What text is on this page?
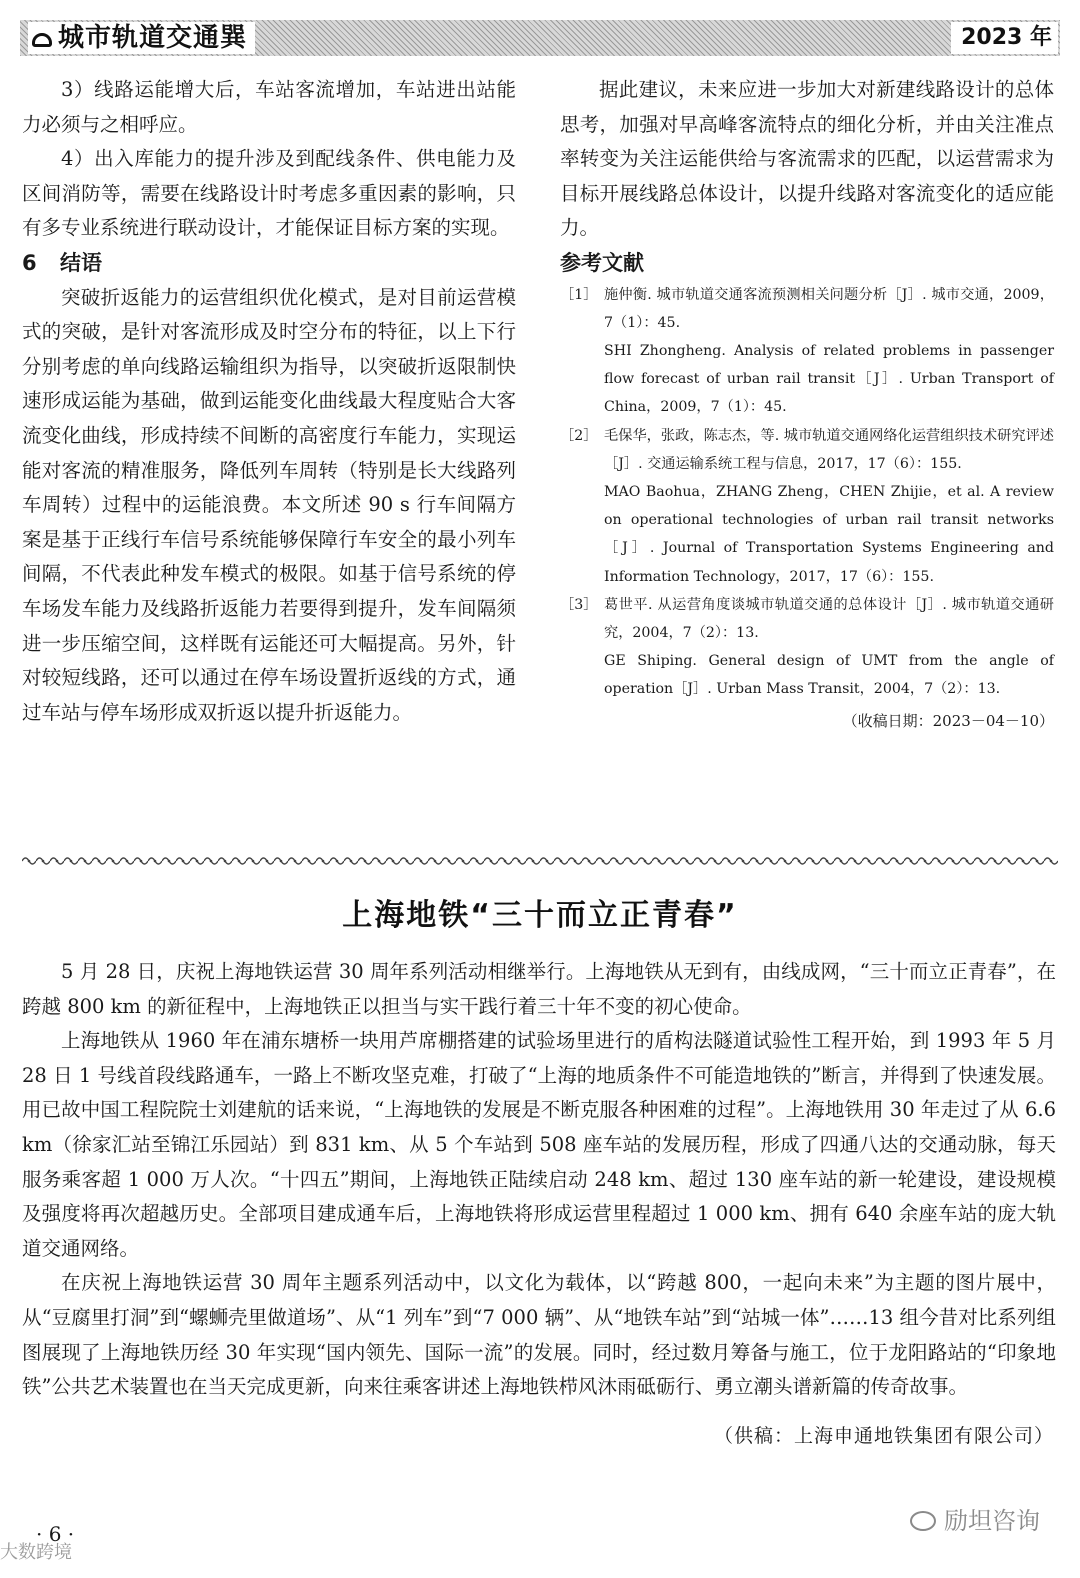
城市轨道交通巽	2023 年

3）线路运能增大后，车站客流增加，车站进出站能力必须与之相呼应。

4）出入库能力的提升涉及到配线条件、供电能力及区间消防等，需要在线路设计时考虑多重因素的影响，只有多专业系统进行联动设计，才能保证目标方案的实现。

6 结语

突破折返能力的运营组织优化模式，是对目前运营模式的突破，是针对客流形成及时空分布的特征，以上下行分别考虑的单向线路运输组织为指导，以突破折返限制快速形成运能为基础，做到运能变化曲线最大程度贴合大客流变化曲线，形成持续不间断的高密度行车能力，实现运能对客流的精准服务，降低列车周转（特别是长大线路列车周转）过程中的运能浪费。本文所述 90 s 行车间隔方案是基于正线行车信号系统能够保障行车安全的最小列车间隔，不代表此种发车模式的极限。如基于信号系统的停车场发车能力及线路折返能力若要得到提升，发车间隔须进一步压缩空间，这样既有运能还可大幅提高。另外，针对较短线路，还可以通过在停车场设置折返线的方式，通过车站与停车场形成双折返以提升折返能力。

据此建议，未来应进一步加大对新建线路设计的总体思考，加强对早高峰客流特点的细化分析，并由关注准点率转变为关注运能供给与客流需求的匹配，以运营需求为目标开展线路总体设计，以提升线路对客流变化的适应能力。

参考文献

［1］ 施仲衡. 城市轨道交通客流预测相关问题分析［J］. 城市交通，2009，7（1）：45.
SHI Zhongheng. Analysis of related problems in passenger flow forecast of urban rail transit［J］. Urban Transport of China，2009，7（1）：45.
［2］ 毛保华，张政，陈志杰，等. 城市轨道交通网络化运营组织技术研究评述［J］. 交通运输系统工程与信息，2017，17（6）：155.
MAO Baohua，ZHANG Zheng，CHEN Zhijie，et al. A review on operational technologies of urban rail transit networks［J］. Journal of Transportation Systems Engineering and Information Technology，2017，17（6）：155.
［3］ 葛世平. 从运营角度谈城市轨道交通的总体设计［J］. 城市轨道交通研究，2004，7（2）：13.
GE Shiping. General design of UMT from the angle of operation［J］. Urban Mass Transit，2004，7（2）：13.
（收稿日期：2023－04－10）
上海地铁“三十而立正青春”

5 月 28 日，庆祝上海地铁运营 30 周年系列活动相继举行。上海地铁从无到有，由线成网，“三十而立正青春”，在跨越 800 km 的新征程中，上海地铁正以担当与实干践行着三十年不变的初心使命。

上海地铁从 1960 年在浦东塘桥一块用芦席棚搭建的试验场里进行的盾构法隧道试验性工程开始，到 1993 年 5 月 28 日 1 号线首段线路通车，一路上不断攻坚克难，打破了“上海的地质条件不可能造地铁的”断言，并得到了快速发展。用已故中国工程院院士刘建航的话来说，“上海地铁的发展是不断克服各种困难的过程”。上海地铁用 30 年走过了从 6.6 km（徐家汇站至锦江乐园站）到 831 km、从 5 个车站到 508 座车站的发展历程，形成了四通八达的交通动脉，每天服务乘客超 1 000 万人次。“十四五”期间，上海地铁正陆续启动 248 km、超过 130 座车站的新一轮建设，建设规模及强度将再次超越历史。全部项目建成通车后，上海地铁将形成运营里程超过 1 000 km、拥有 640 余座车站的庞大轨道交通网络。

在庆祝上海地铁运营 30 周年主题系列活动中，以文化为载体，以“跨越 800，一起向未来”为主题的图片展中，从“豆腐里打洞”到“螺蛳壳里做道场”、从“1 列车”到“7 000 辆”、从“地铁车站”到“站城一体”……13 组今昔对比系列组图展现了上海地铁历经 30 年实现“国内领先、国际一流”的发展。同时，经过数月筹备与施工，位于龙阳路站的“印象地铁”公共艺术装置也在当天完成更新，向来往乘客讲述上海地铁栉风沐雨砥砺行、勇立潮头谱新篇的传奇故事。

（供稿：上海申通地铁集团有限公司）
· 6 ·
大数跨境
励坦咨询
